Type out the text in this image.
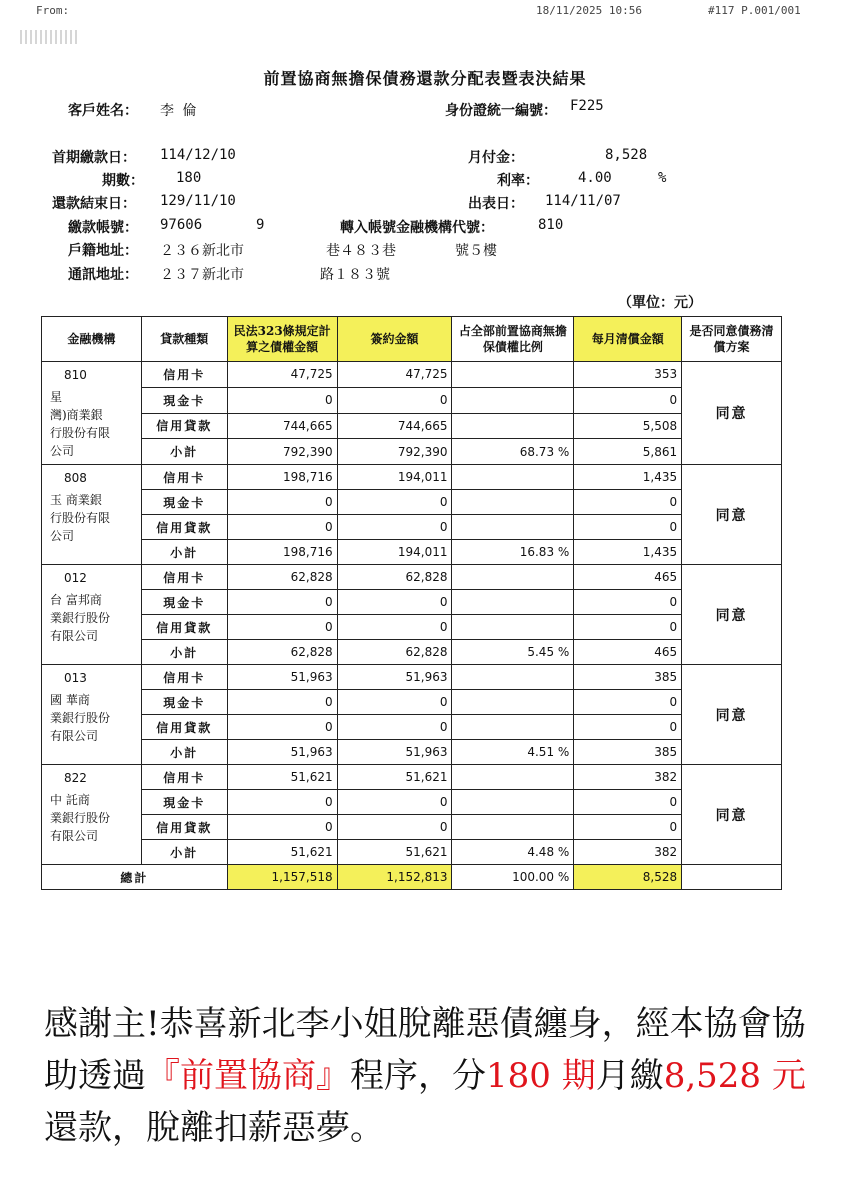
From:	18/11/2025 10:56	#117 P.001/001
前置協商無擔保債務還款分配表暨表決結果
客戶姓名： 李 倫	身份證統一編號： F225
首期繳款日： 114/12/10	月付金：	8,528
期數： 180	利率：	4.00	%
還款結束日： 129/11/10	出表日： 114/11/07
繳款帳號： 97606	9	轉入帳號金融機構代號：	810
戶籍地址： ２３６新北市	巷４８３巷	號５樓
通訊地址： ２３７新北市	路１８３號
（單位：元）
金融機構	貸款種類	民法323條規定計算之債權金額	簽約金額	占全部前置協商無擔保債權比例	每月清償金額	是否同意債務清償方案

810
星
灣)商業銀
行股份有限
公司	信用卡	47,725	47,725		353	同意
	現金卡	0	0		0	
	信用貸款	744,665	744,665		5,508	
	小計	792,390	792,390	68.73 %	5,861	

808
玉 商業銀
行股份有限
公司	信用卡	198,716	194,011		1,435	同意
	現金卡	0	0		0	
	信用貸款	0	0		0	
	小計	198,716	194,011	16.83 %	1,435	

012
台 富邦商
業銀行股份
有限公司	信用卡	62,828	62,828		465	同意
	現金卡	0	0		0	
	信用貸款	0	0		0	
	小計	62,828	62,828	5.45 %	465	

013
國 華商
業銀行股份
有限公司	信用卡	51,963	51,963		385	同意
	現金卡	0	0		0	
	信用貸款	0	0		0	
	小計	51,963	51,963	4.51 %	385	

822
中 託商
業銀行股份
有限公司	信用卡	51,621	51,621		382	同意
	現金卡	0	0		0	
	信用貸款	0	0		0	
	小計	51,621	51,621	4.48 %	382	
總計		1,157,518	1,152,813	100.00 %	8,528	
感謝主!恭喜新北李小姐脫離惡債纏身，經本協會協助透過『前置協商』程序，分180 期月繳8,528 元還款，脫離扣薪惡夢。
